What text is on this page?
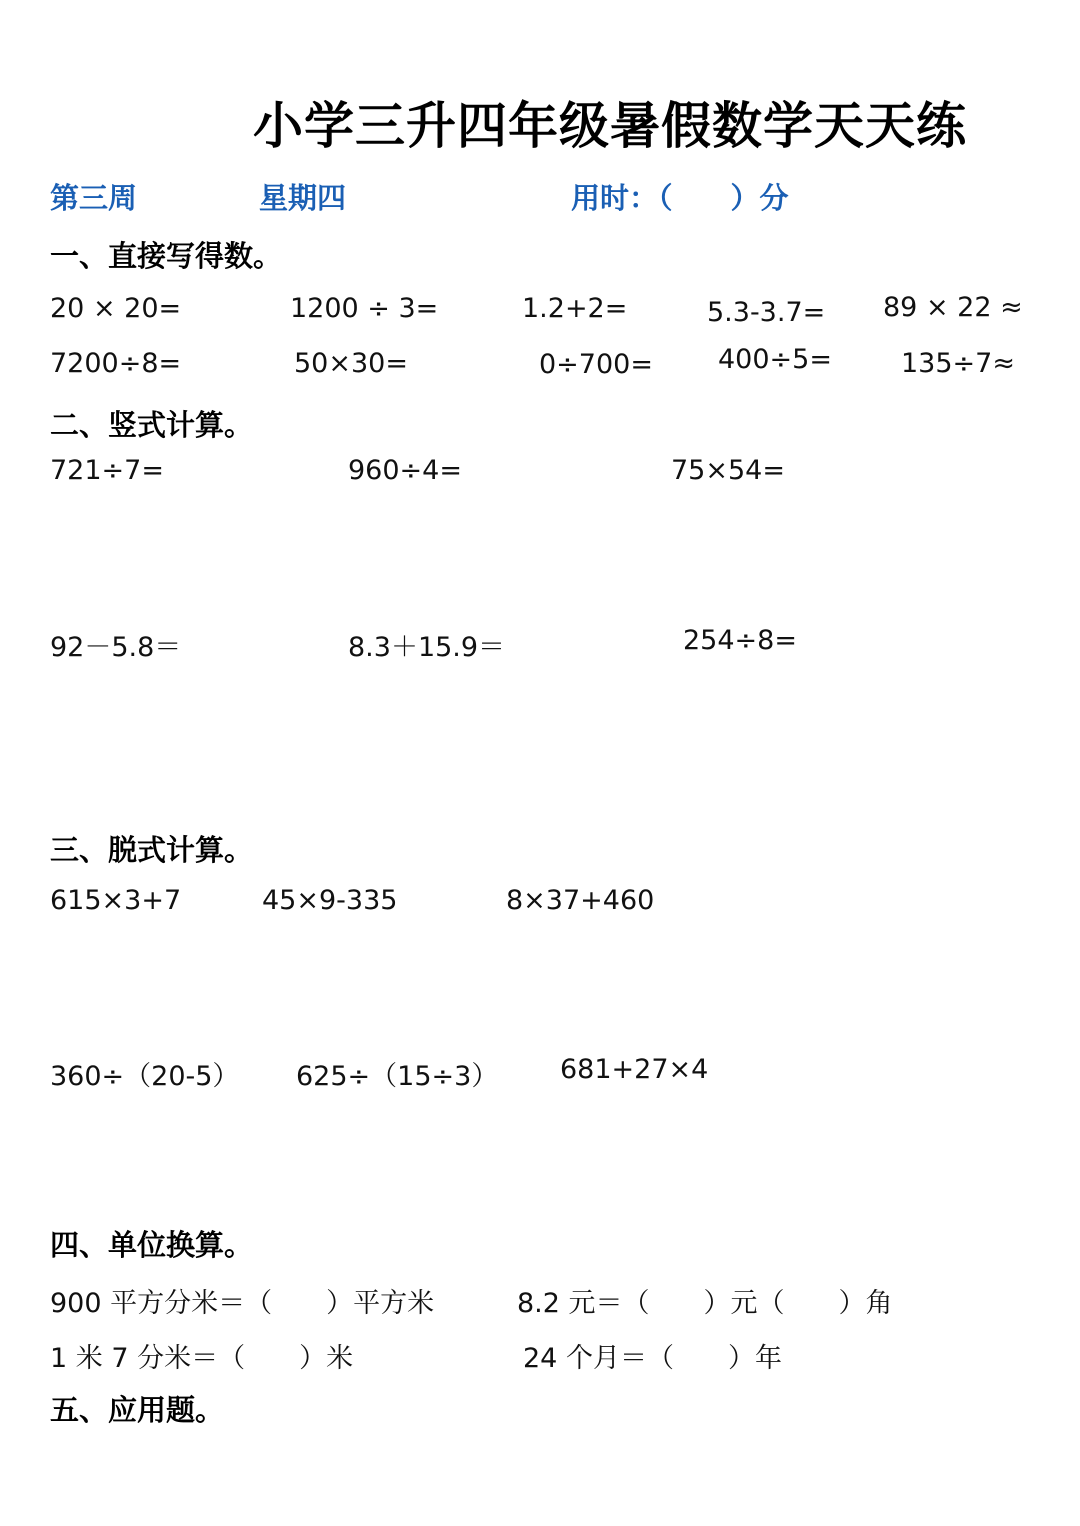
小学三升四年级暑假数学天天练
第三周	星期四	用时：（　　）分
一、直接写得数。
20 × 20=	1200 ÷ 3=	1.2+2=	5.3-3.7= 89 × 22 ≈
7200÷8=	50×30=	0÷700= 400÷5=	135÷7≈
二、竖式计算。
721÷7=	960÷4=	75×54=
92－5.8＝	8.3＋15.9＝	254÷8=
三、脱式计算。
615×3+7	45×9-335	8×37+460
360÷（20-5） 625÷（15÷3） 681+27×4
四、单位换算。
900 平方分米＝（　　）平方米	8.2 元＝（　　）元（　　）角
1 米 7 分米＝（　　）米	24 个月＝（　　）年
五、应用题。
